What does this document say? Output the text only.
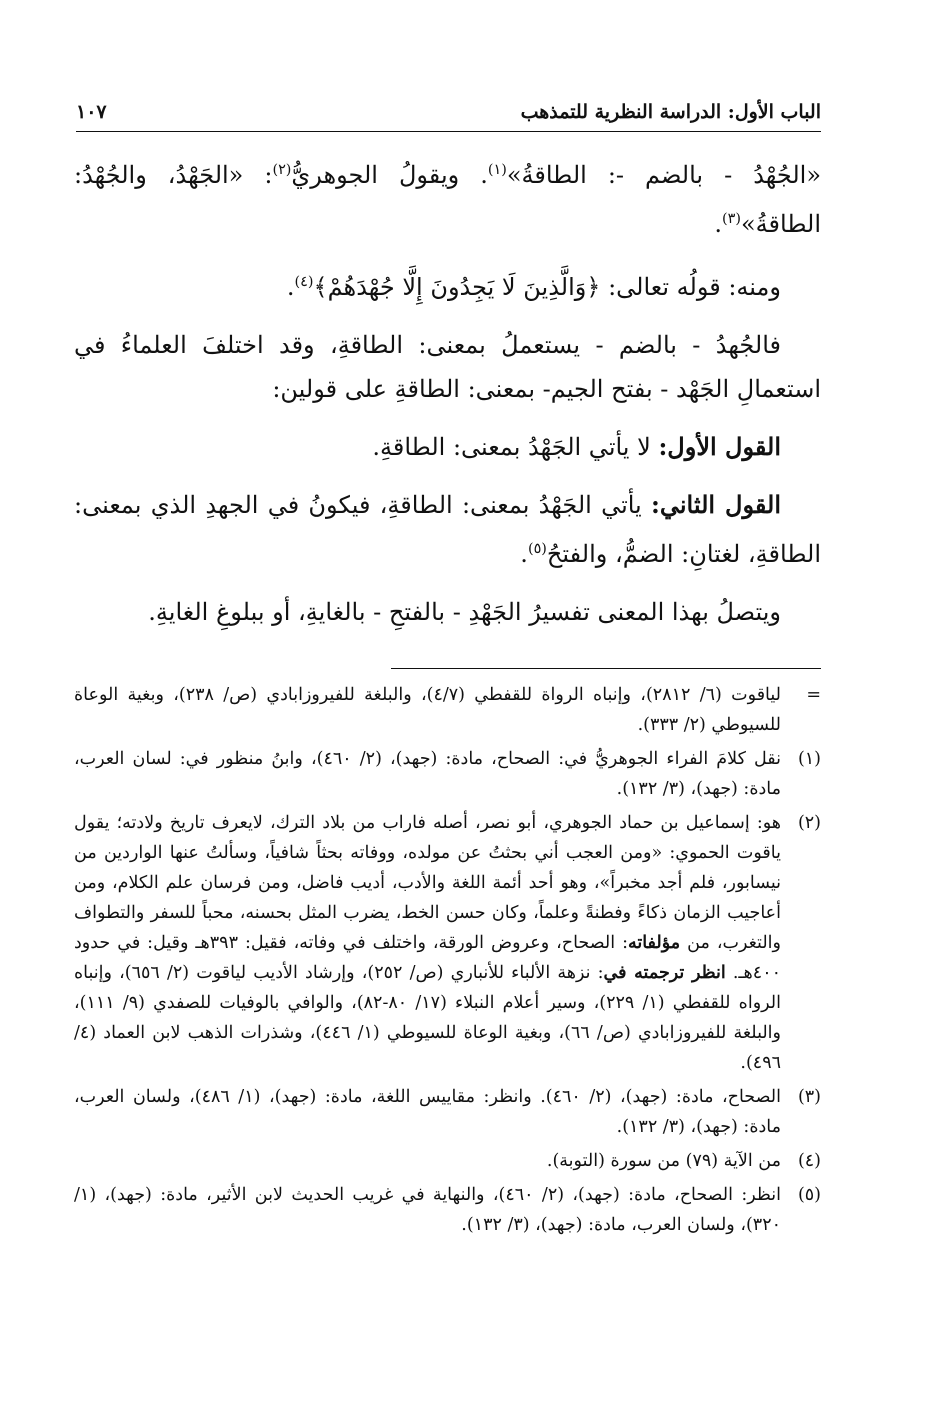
الباب الأول: الدراسة النظرية للتمذهب
١٠٧

«الجُهْدُ - بالضم -: الطاقةُ»$^{(١)}$. ويقولُ الجوهريُّ$^{(٢)}$: «الجَهْدُ، والجُهْدُ: الطاقةُ»$^{(٣)}$.

ومنه: قولُه تعالى: ﴿وَالَّذِينَ لَا يَجِدُونَ إِلَّا جُهْدَهُمْ﴾$^{(٤)}$.

فالجُهدُ - بالضم - يستعملُ بمعنى: الطاقةِ، وقد اختلفَ العلماءُ في استعمالِ الجَهْد - بفتح الجيم- بمعنى: الطاقةِ على قولين:

القول الأول: لا يأتي الجَهْدُ بمعنى: الطاقةِ.

القول الثاني: يأتي الجَهْدُ بمعنى: الطاقةِ، فيكونُ في الجهدِ الذي بمعنى: الطاقةِ، لغتانِ: الضمُّ، والفتحُ$^{(٥)}$.

ويتصلُ بهذا المعنى تفسيرُ الجَهْدِ - بالفتحِ - بالغايةِ، أو ببلوغِ الغايةِ.

=
لياقوت (٦/ ٢٨١٢)، وإنباه الرواة للقفطي (٤/٧)، والبلغة للفيروزابادي (ص/ ٢٣٨)، وبغية الوعاة للسيوطي (٢/ ٣٣٣).
(١)
نقل كلامَ الفراء الجوهريُّ في: الصحاح، مادة: (جهد)، (٢/ ٤٦٠)، وابنُ منظور في: لسان العرب، مادة: (جهد)، (٣/ ١٣٢).
(٢)
هو: إسماعيل بن حماد الجوهري، أبو نصر، أصله فاراب من بلاد الترك، لايعرف تاريخ ولادته؛ يقول ياقوت الحموي: «ومن العجب أني بحثتُ عن مولده، ووفاته بحثاً شافياً، وسألتُ عنها الواردين من نيسابور، فلم أجد مخبراً»، وهو أحد أئمة اللغة والأدب، أديب فاضل، ومن فرسان علم الكلام، ومن أعاجيب الزمان ذكاءً وفطنةً وعلماً، وكان حسن الخط، يضرب المثل بحسنه، محباً للسفر والتطواف والتغرب، من مؤلفاته: الصحاح، وعروض الورقة، واختلف في وفاته، فقيل: ٣٩٣هـ وقيل: في حدود ٤٠٠هـ. انظر ترجمته في: نزهة الألباء للأنباري (ص/ ٢٥٢)، وإرشاد الأديب لياقوت (٢/ ٦٥٦)، وإنباه الرواه للقفطي (١/ ٢٢٩)، وسير أعلام النبلاء (١٧/ ٨٠-٨٢)، والوافي بالوفيات للصفدي (٩/ ١١١)، والبلغة للفيروزابادي (ص/ ٦٦)، وبغية الوعاة للسيوطي (١/ ٤٤٦)، وشذرات الذهب لابن العماد (٤/ ٤٩٦).
(٣)
الصحاح، مادة: (جهد)، (٢/ ٤٦٠). وانظر: مقاييس اللغة، مادة: (جهد)، (١/ ٤٨٦)، ولسان العرب، مادة: (جهد)، (٣/ ١٣٢).
(٤)
من الآية (٧٩) من سورة (التوبة).
(٥)
انظر: الصحاح، مادة: (جهد)، (٢/ ٤٦٠)، والنهاية في غريب الحديث لابن الأثير، مادة: (جهد)، (١/ ٣٢٠)، ولسان العرب، مادة: (جهد)، (٣/ ١٣٢).
